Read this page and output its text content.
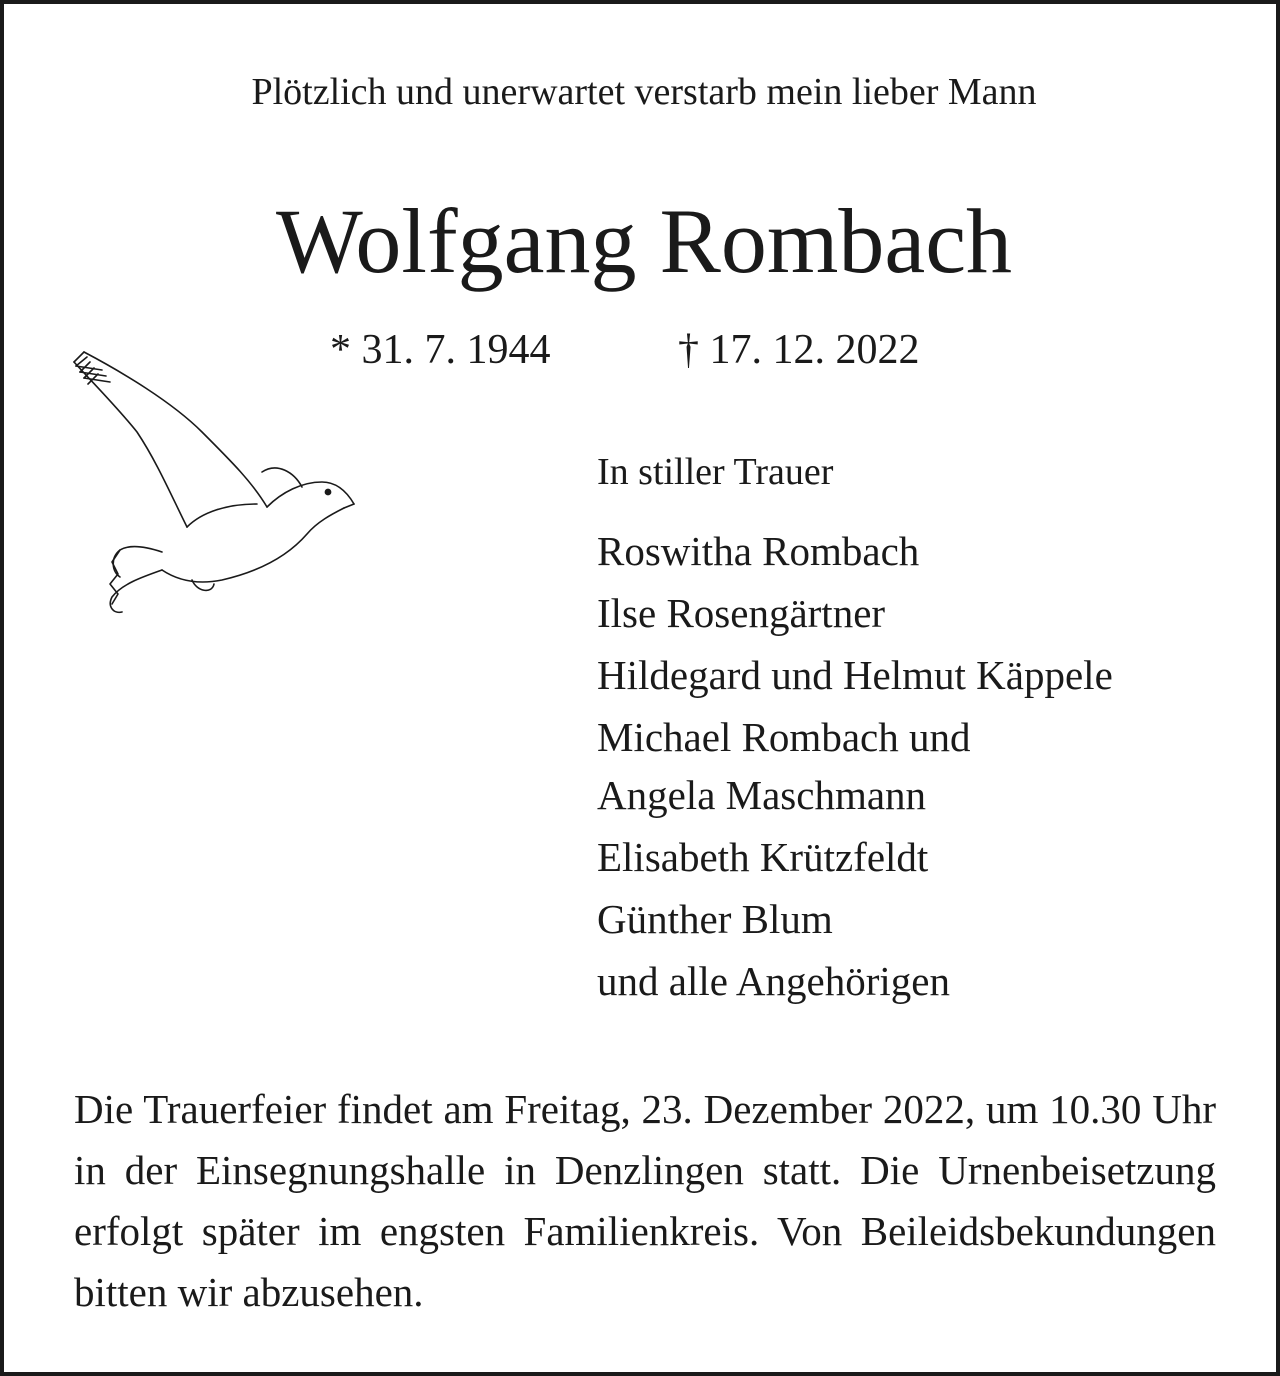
Plötzlich und unerwartet verstarb mein lieber Mann
Wolfgang Rombach
* 31. 7. 1944	† 17. 12. 2022
In stiller Trauer
Roswitha Rombach
Ilse Rosengärtner
Hildegard und Helmut Käppele
Michael Rombach und
Angela Maschmann
Elisabeth Krützfeldt
Günther Blum
und alle Angehörigen
Die Trauerfeier findet am Freitag, 23. Dezember 2022, um 10.30 Uhr in der Einsegnungshalle in Denzlingen statt. Die Urnenbeisetzung erfolgt später im engsten Familienkreis. Von Beileidsbekundungen bitten wir abzusehen.
